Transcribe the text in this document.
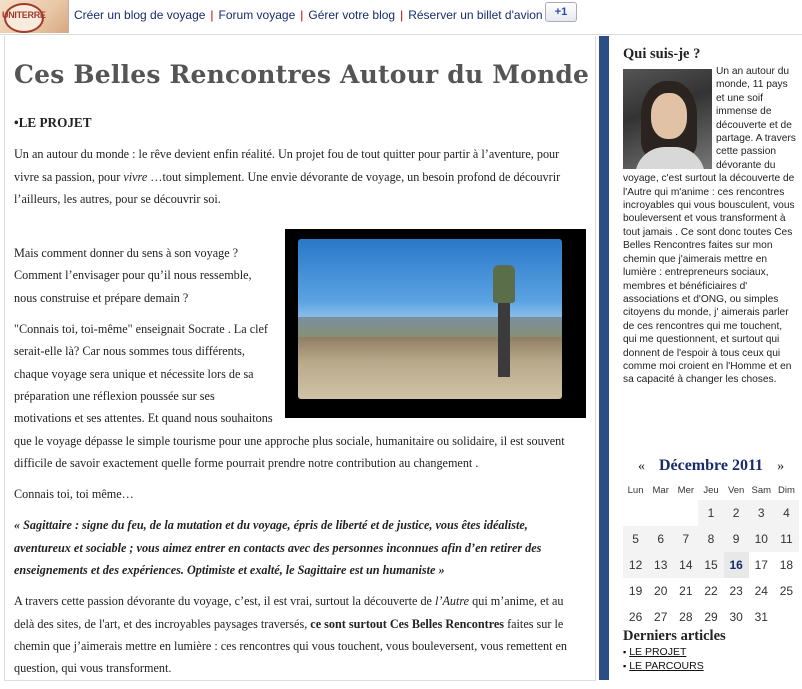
UNITERRE Créer un blog de voyage | Forum voyage | Gérer votre blog | Réserver un billet d'avion	+1
Ces Belles Rencontres Autour du Monde

•LE PROJET

Un an autour du monde : le rêve devient enfin réalité. Un projet fou de tout quitter pour partir à l’aventure, pour vivre sa passion, pour vivre …tout simplement. Une envie dévorante de voyage, un besoin profond de découvrir l’ailleurs, les autres, pour se découvrir soi.

Mais comment donner du sens à son voyage ? Comment l’envisager pour qu’il nous ressemble, nous construise et prépare demain ?

"Connais toi, toi-même" enseignait Socrate . La clef serait-elle là? Car nous sommes tous différents, chaque voyage sera unique et nécessite lors de sa préparation une réflexion poussée sur ses motivations et ses attentes. Et quand nous souhaitons que le voyage dépasse le simple tourisme pour une approche plus sociale, humanitaire ou solidaire, il est souvent difficile de savoir exactement quelle forme pourrait prendre notre contribution au changement .

Connais toi, toi même…

« Sagittaire : signe du feu, de la mutation et du voyage, épris de liberté et de justice, vous êtes idéaliste, aventureux et sociable ; vous aimez entrer en contacts avec des personnes inconnues afin d’en retirer des enseignements et des expériences. Optimiste et exalté, le Sagittaire est un humaniste »

A travers cette passion dévorante du voyage, c’est, il est vrai, surtout la découverte de l’Autre qui m’anime, et au delà des sites, de l'art, et des incroyables paysages traversés, ce sont surtout Ces Belles Rencontres faites sur le chemin que j’aimerais mettre en lumière : ces rencontres qui vous touchent, vous bouleversent, vous remettent en question, qui vous transforment.

Qui suis-je ?
Un an autour du monde, 11 pays et une soif immense de découverte et de partage. A travers cette passion dévorante du voyage, c'est surtout la découverte de l'Autre qui m'anime : ces rencontres incroyables qui vous bousculent, vous bouleversent et vous transforment à tout jamais . Ce sont donc toutes Ces Belles Rencontres faites sur mon chemin que j'aimerais mettre en lumière : entrepreneurs sociaux, membres et bénéficiaires d' associations et d'ONG, ou simples citoyens du monde, j' aimerais parler de ces rencontres qui me touchent, qui me questionnent, et surtout qui donnent de l'espoir à tous ceux qui comme moi croient en l'Homme et en sa capacité à changer les choses.
« Décembre 2011 »
Lun	Mar	Mer	Jeu	Ven	Sam	Dim
			1	2	3	4
5	6	7	8	9	10	11
12	13	14	15	16	17	18
19	20	21	22	23	24	25
26	27	28	29	30	31	
Derniers articles
▪ LE PROJET
▪ LE PARCOURS
